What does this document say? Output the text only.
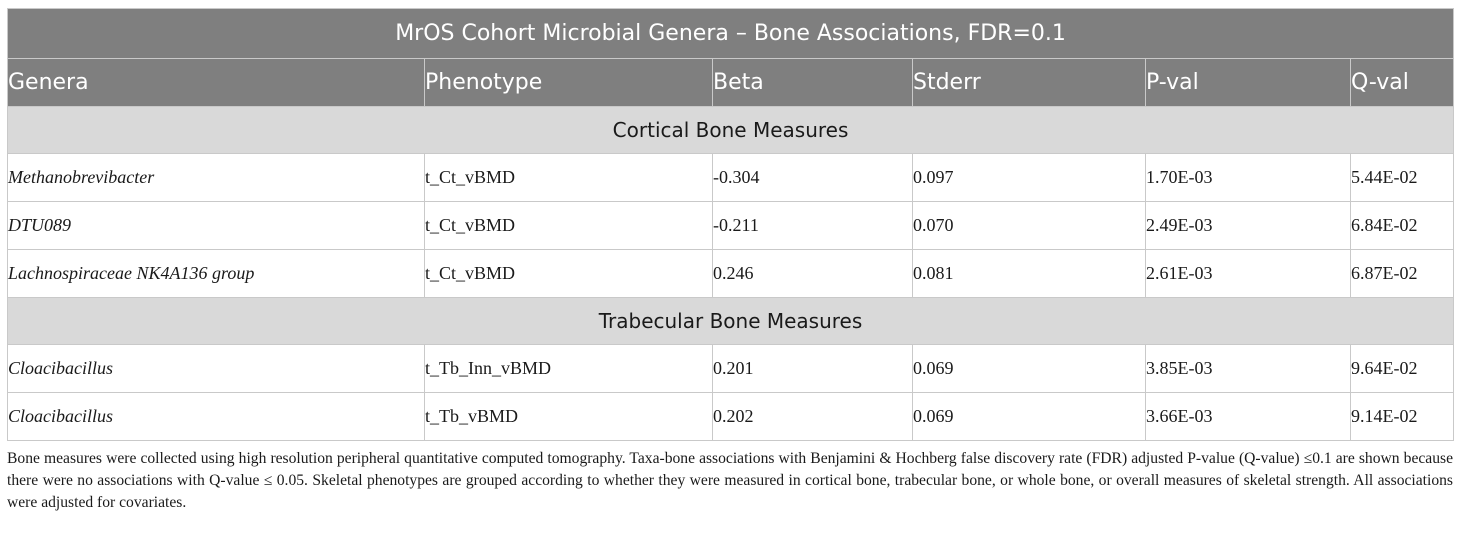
MrOS Cohort Microbial Genera – Bone Associations, FDR=0.1					
Genera	Phenotype	Beta	Stderr	P-val	Q-val
Cortical Bone Measures					
Methanobrevibacter	t_Ct_vBMD	-0.304	0.097	1.70E-03	5.44E-02
DTU089	t_Ct_vBMD	-0.211	0.070	2.49E-03	6.84E-02
Lachnospiraceae NK4A136 group	t_Ct_vBMD	0.246	0.081	2.61E-03	6.87E-02
Trabecular Bone Measures					
Cloacibacillus	t_Tb_Inn_vBMD	0.201	0.069	3.85E-03	9.64E-02
Cloacibacillus	t_Tb_vBMD	0.202	0.069	3.66E-03	9.14E-02
Bone measures were collected using high resolution peripheral quantitative computed tomography. Taxa-bone associations with Benjamini & Hochberg false discovery rate (FDR) adjusted P-value (Q-value) ≤0.1 are shown because there were no associations with Q-value ≤ 0.05. Skeletal phenotypes are grouped according to whether they were measured in cortical bone, trabecular bone, or whole bone, or overall measures of skeletal strength. All associations were adjusted for covariates.
